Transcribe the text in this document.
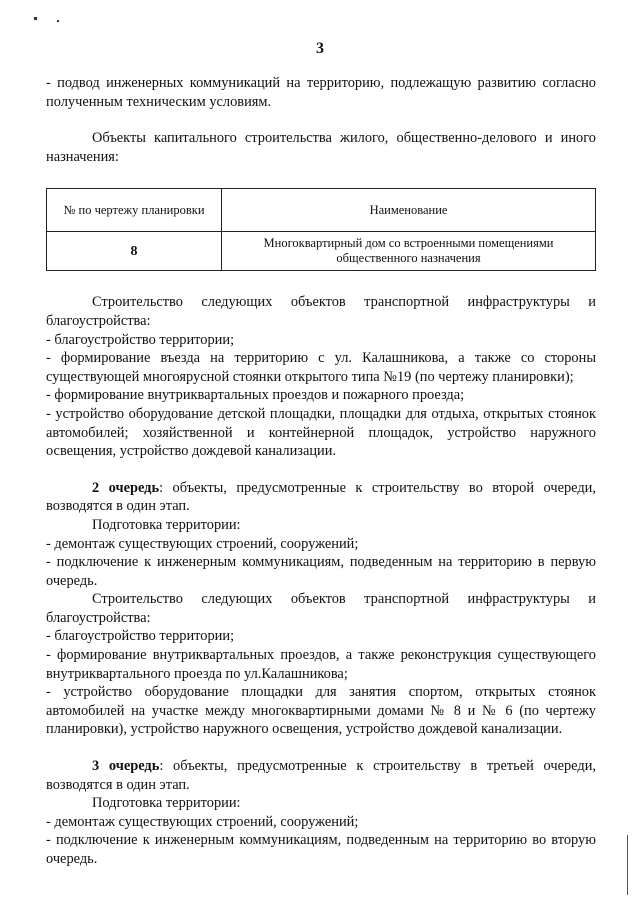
3

- подвод инженерных коммуникаций на территорию, подлежащую развитию согласно полученным техническим условиям.

Объекты капитального строительства жилого, общественно-делового и иного назначения:

№ по чертежу планировки	Наименование
8	Многоквартирный дом со встроенными помещениями общественного назначения

Строительство следующих объектов транспортной инфраструктуры и благоустройства:

- благоустройство территории;

- формирование въезда на территорию с ул. Калашникова, а также со стороны существующей многоярусной стоянки открытого типа №19 (по чертежу планировки);

- формирование внутриквартальных проездов и пожарного проезда;

- устройство оборудование детской площадки, площадки для отдыха, открытых стоянок автомобилей; хозяйственной и контейнерной площадок, устройство наружного освещения, устройство дождевой канализации.

2 очередь: объекты, предусмотренные к строительству во второй очереди, возводятся в один этап.

Подготовка территории:

- демонтаж существующих строений, сооружений;

- подключение к инженерным коммуникациям, подведенным на территорию в первую очередь.

Строительство следующих объектов транспортной инфраструктуры и благоустройства:

- благоустройство территории;

- формирование внутриквартальных проездов, а также реконструкция существующего внутриквартального проезда по ул.Калашникова;

- устройство оборудование площадки для занятия спортом, открытых стоянок автомобилей на участке между многоквартирными домами № 8 и № 6 (по чертежу планировки), устройство наружного освещения, устройство дождевой канализации.

3 очередь: объекты, предусмотренные к строительству в третьей очереди, возводятся в один этап.

Подготовка территории:

- демонтаж существующих строений, сооружений;

- подключение к инженерным коммуникациям, подведенным на территорию во вторую очередь.
